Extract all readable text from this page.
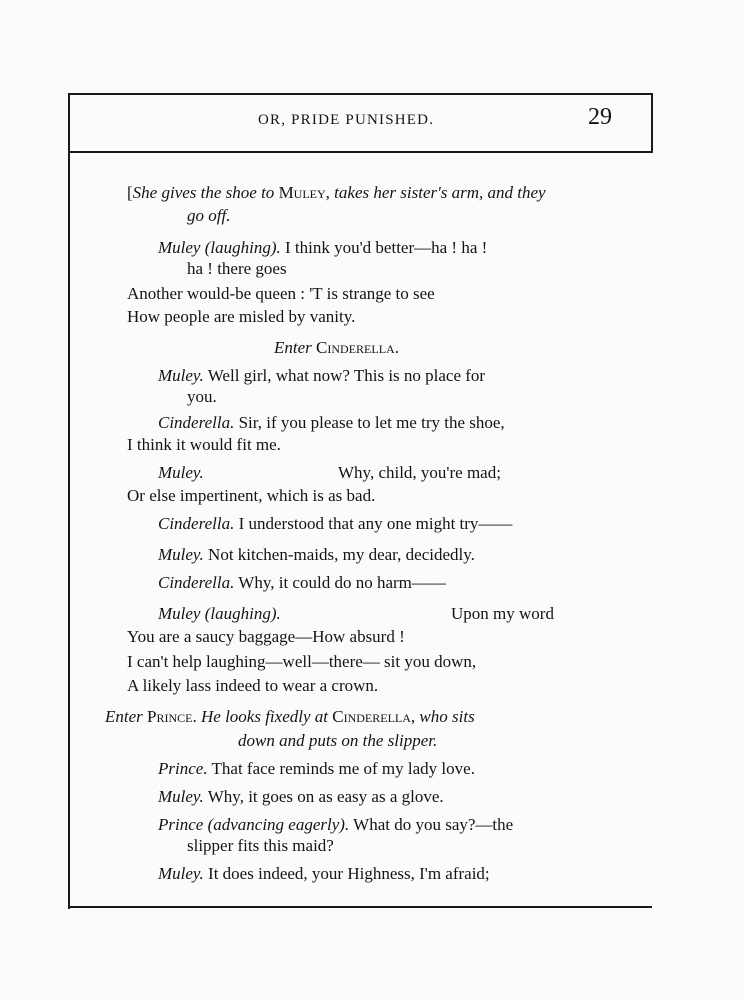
OR, PRIDE PUNISHED.	29
[She gives the shoe to Muley, takes her sister's arm, and they
go off.
Muley (laughing). I think you'd better—ha ! ha !
ha ! there goes
Another would-be queen : 'T is strange to see
How people are misled by vanity.
Enter Cinderella.
Muley. Well girl, what now? This is no place for
you.
Cinderella. Sir, if you please to let me try the shoe,
I think it would fit me.
Muley.	Why, child, you're mad;
Or else impertinent, which is as bad.
Cinderella. I understood that any one might try——
Muley. Not kitchen-maids, my dear, decidedly.
Cinderella. Why, it could do no harm——
Muley (laughing).	Upon my word
You are a saucy baggage—How absurd !
I can't help laughing—well—there— sit you down,
A likely lass indeed to wear a crown.
Enter Prince. He looks fixedly at Cinderella, who sits
down and puts on the slipper.
Prince. That face reminds me of my lady love.
Muley. Why, it goes on as easy as a glove.
Prince (advancing eagerly). What do you say?—the
slipper fits this maid?
Muley. It does indeed, your Highness, I'm afraid;
